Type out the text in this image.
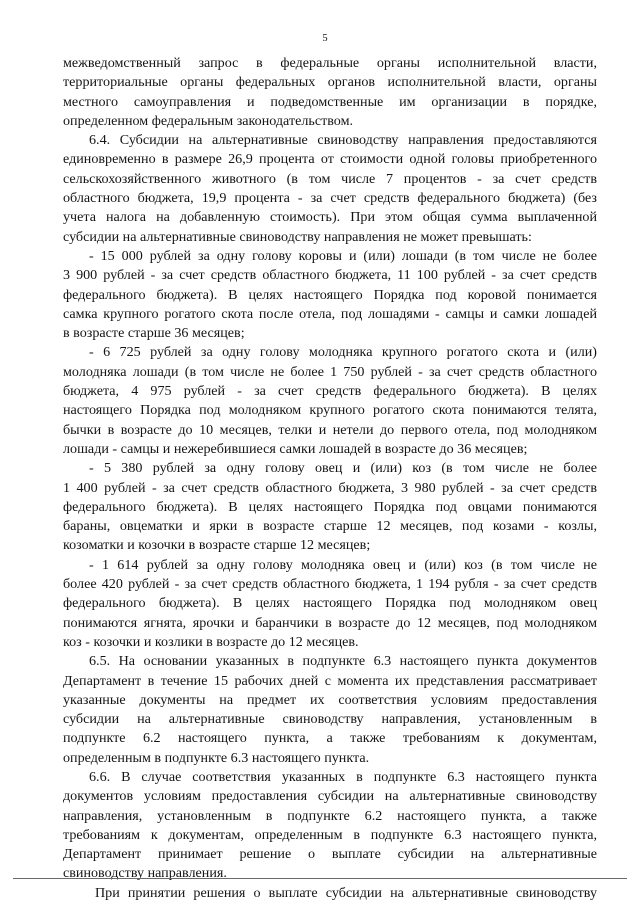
5
межведомственный запрос в федеральные органы исполнительной власти,
территориальные органы федеральных органов исполнительной власти, органы
местного самоуправления и подведомственные им организации в порядке,
определенном федеральным законодательством.
6.4. Субсидии на альтернативные свиноводству направления предоставляются
единовременно в размере 26,9 процента от стоимости одной головы приобретенного
сельскохозяйственного животного (в том числе 7 процентов - за счет средств
областного бюджета, 19,9 процента - за счет средств федерального бюджета) (без
учета налога на добавленную стоимость). При этом общая сумма выплаченной
субсидии на альтернативные свиноводству направления не может превышать:
- 15 000 рублей за одну голову коровы и (или) лошади (в том числе не более
3 900 рублей - за счет средств областного бюджета, 11 100 рублей - за счет средств
федерального бюджета). В целях настоящего Порядка под коровой понимается
самка крупного рогатого скота после отела, под лошадями - самцы и самки лошадей
в возрасте старше 36 месяцев;
- 6 725 рублей за одну голову молодняка крупного рогатого скота и (или)
молодняка лошади (в том числе не более 1 750 рублей - за счет средств областного
бюджета, 4 975 рублей - за счет средств федерального бюджета). В целях
настоящего Порядка под молодняком крупного рогатого скота понимаются телята,
бычки в возрасте до 10 месяцев, телки и нетели до первого отела, под молодняком
лошади - самцы и нежеребившиеся самки лошадей в возрасте до 36 месяцев;
- 5 380 рублей за одну голову овец и (или) коз (в том числе не более
1 400 рублей - за счет средств областного бюджета, 3 980 рублей - за счет средств
федерального бюджета). В целях настоящего Порядка под овцами понимаются
бараны, овцематки и ярки в возрасте старше 12 месяцев, под козами - козлы,
козоматки и козочки в возрасте старше 12 месяцев;
- 1 614 рублей за одну голову молодняка овец и (или) коз (в том числе не
более 420 рублей - за счет средств областного бюджета, 1 194 рубля - за счет средств
федерального бюджета). В целях настоящего Порядка под молодняком овец
понимаются ягнята, ярочки и баранчики в возрасте до 12 месяцев, под молодняком
коз - козочки и козлики в возрасте до 12 месяцев.
6.5. На основании указанных в подпункте 6.3 настоящего пункта документов
Департамент в течение 15 рабочих дней с момента их представления рассматривает
указанные документы на предмет их соответствия условиям предоставления
субсидии на альтернативные свиноводству направления, установленным в
подпункте 6.2 настоящего пункта, а также требованиям к документам,
определенным в подпункте 6.3 настоящего пункта.
6.6. В случае соответствия указанных в подпункте 6.3 настоящего пункта
документов условиям предоставления субсидии на альтернативные свиноводству
направления, установленным в подпункте 6.2 настоящего пункта, а также
требованиям к документам, определенным в подпункте 6.3 настоящего пункта,
Департамент принимает решение о выплате субсидии на альтернативные
свиноводству направления.
При принятии решения о выплате субсидии на альтернативные свиноводству
